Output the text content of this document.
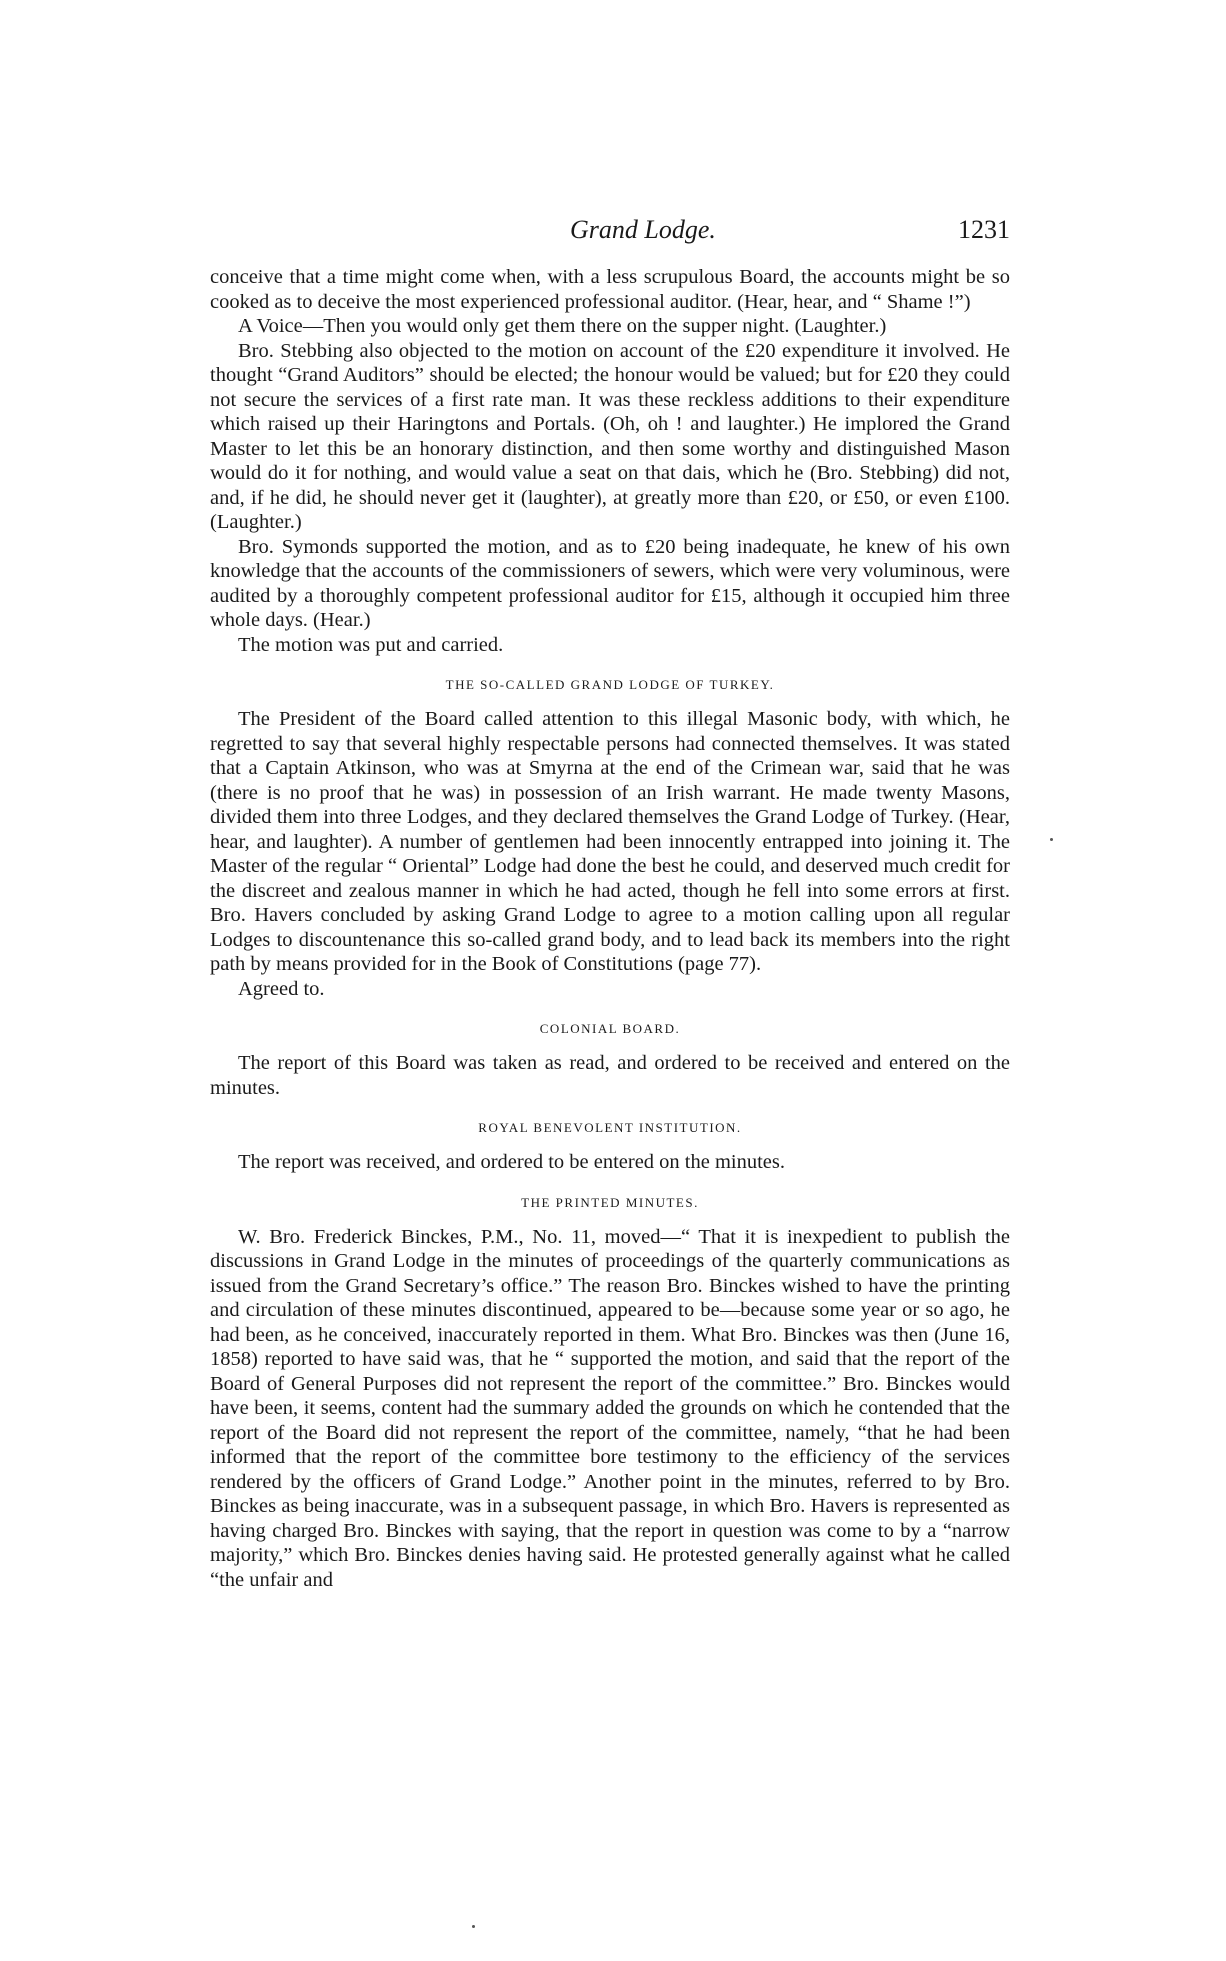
Grand Lodge.	1231

conceive that a time might come when, with a less scrupulous Board, the accounts might be so cooked as to deceive the most experienced professional auditor. (Hear, hear, and “ Shame !”)

A Voice—Then you would only get them there on the supper night. (Laughter.)

Bro. Stebbing also objected to the motion on account of the £20 expenditure it involved. He thought “Grand Auditors” should be elected; the honour would be valued; but for £20 they could not secure the services of a first rate man. It was these reckless additions to their expenditure which raised up their Haringtons and Portals. (Oh, oh ! and laughter.) He implored the Grand Master to let this be an honorary distinction, and then some worthy and distinguished Mason would do it for nothing, and would value a seat on that dais, which he (Bro. Stebbing) did not, and, if he did, he should never get it (laughter), at greatly more than £20, or £50, or even £100. (Laughter.)

Bro. Symonds supported the motion, and as to £20 being inadequate, he knew of his own knowledge that the accounts of the commissioners of sewers, which were very voluminous, were audited by a thoroughly competent professional auditor for £15, although it occupied him three whole days. (Hear.)

The motion was put and carried.

THE SO-CALLED GRAND LODGE OF TURKEY.

The President of the Board called attention to this illegal Masonic body, with which, he regretted to say that several highly respectable persons had connected themselves. It was stated that a Captain Atkinson, who was at Smyrna at the end of the Crimean war, said that he was (there is no proof that he was) in possession of an Irish warrant. He made twenty Masons, divided them into three Lodges, and they declared themselves the Grand Lodge of Turkey. (Hear, hear, and laughter). A number of gentlemen had been innocently entrapped into joining it. The Master of the regular “ Oriental” Lodge had done the best he could, and deserved much credit for the discreet and zealous manner in which he had acted, though he fell into some errors at first. Bro. Havers concluded by asking Grand Lodge to agree to a motion calling upon all regular Lodges to discountenance this so-called grand body, and to lead back its members into the right path by means provided for in the Book of Constitutions (page 77).

Agreed to.

COLONIAL BOARD.

The report of this Board was taken as read, and ordered to be received and entered on the minutes.

ROYAL BENEVOLENT INSTITUTION.

The report was received, and ordered to be entered on the minutes.

THE PRINTED MINUTES.

W. Bro. Frederick Binckes, P.M., No. 11, moved—“ That it is inexpedient to publish the discussions in Grand Lodge in the minutes of proceedings of the quarterly communications as issued from the Grand Secretary’s office.” The reason Bro. Binckes wished to have the printing and circulation of these minutes discontinued, appeared to be—because some year or so ago, he had been, as he conceived, inaccurately reported in them. What Bro. Binckes was then (June 16, 1858) reported to have said was, that he “ supported the motion, and said that the report of the Board of General Purposes did not represent the report of the committee.” Bro. Binckes would have been, it seems, content had the summary added the grounds on which he contended that the report of the Board did not represent the report of the committee, namely, “that he had been informed that the report of the committee bore testimony to the efficiency of the services rendered by the officers of Grand Lodge.” Another point in the minutes, referred to by Bro. Binckes as being inaccurate, was in a subsequent passage, in which Bro. Havers is represented as having charged Bro. Binckes with saying, that the report in question was come to by a “narrow majority,” which Bro. Binckes denies having said. He protested generally against what he called “the unfair and
